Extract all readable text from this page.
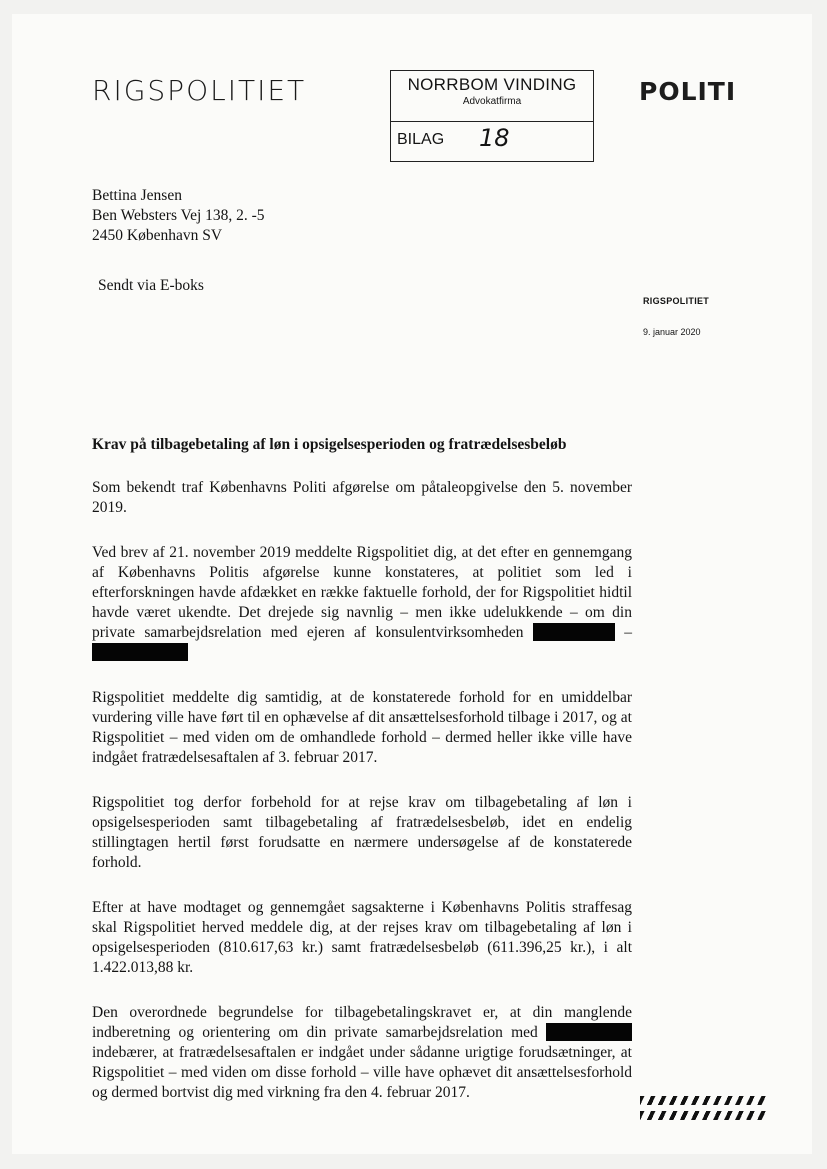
RIGSPOLITIET	NORRBOM VINDING
Advokatfirma
BILAG 18
POLITI
Bettina Jensen
Ben Websters Vej 138, 2. -5
2450 København SV
Sendt via E-boks
RIGSPOLITIET
9. januar 2020

Krav på tilbagebetaling af løn i opsigelsesperioden og fratrædelsesbeløb

Som bekendt traf Københavns Politi afgørelse om påtaleopgivelse den 5. november 2019.

Ved brev af 21. november 2019 meddelte Rigspolitiet dig, at det efter en gennemgang af Københavns Politis afgørelse kunne konstateres, at politiet som led i efterforskningen havde afdækket en række faktuelle forhold, der for Rigspolitiet hidtil havde været ukendte. Det drejede sig navnlig – men ikke udelukkende – om din private samarbejdsrelation med ejeren af konsulentvirksomheden	–

Rigspolitiet meddelte dig samtidig, at de konstaterede forhold for en umiddelbar vurdering ville have ført til en ophævelse af dit ansættelsesforhold tilbage i 2017, og at Rigspolitiet – med viden om de omhandlede forhold – dermed heller ikke ville have indgået fratrædelsesaftalen af 3. februar 2017.

Rigspolitiet tog derfor forbehold for at rejse krav om tilbagebetaling af løn i opsigelsesperioden samt tilbagebetaling af fratrædelsesbeløb, idet en endelig stillingtagen hertil først forudsatte en nærmere undersøgelse af de konstaterede forhold.

Efter at have modtaget og gennemgået sagsakterne i Københavns Politis straffesag skal Rigspolitiet herved meddele dig, at der rejses krav om tilbagebetaling af løn i opsigelsesperioden (810.617,63 kr.) samt fratrædelsesbeløb (611.396,25 kr.), i alt 1.422.013,88 kr.

Den overordnede begrundelse for tilbagebetalingskravet er, at din manglende indberetning og orientering om din private samarbejdsrelation med  indebærer, at fratrædelsesaftalen er indgået under sådanne urigtige forudsætninger, at Rigspolitiet – med viden om disse forhold – ville have ophævet dit ansættelsesforhold og dermed bortvist dig med virkning fra den 4. februar 2017.
